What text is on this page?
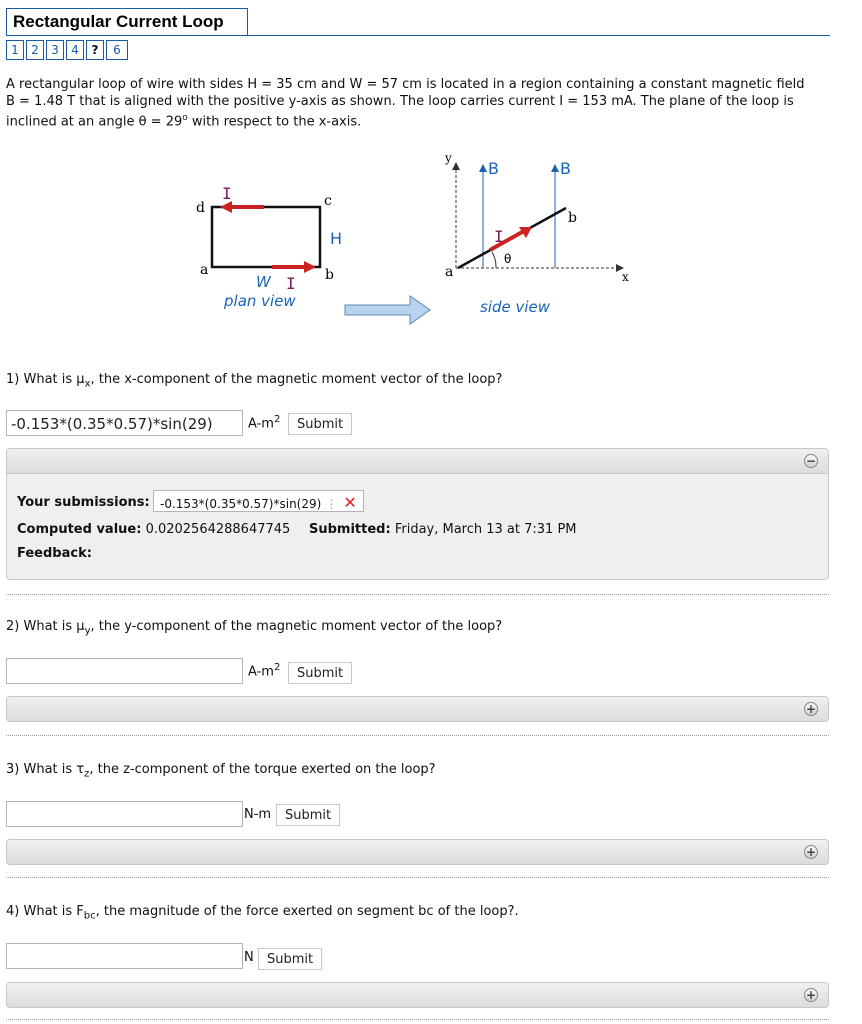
Rectangular Current Loop
1	2	3	4	?	6
A rectangular loop of wire with sides H = 35 cm and W = 57 cm is located in a region containing a constant magnetic field
B = 1.48 T that is aligned with the positive y-axis as shown. The loop carries current I = 153 mA. The plane of the loop is
inclined at an angle $\theta = 29^o$ with respect to the x-axis.
d	c
a	b
I
I
H
W
plan view
y
x
B	B
a
b
I
θ
side view
1) What is $\mu_x$, the x-component of the magnetic moment vector of the loop?
-0.153*(0.35*0.57)*sin(29)	$A-m^2$	Submit
−
Your submissions: -0.153*(0.35*0.57)*sin(29) ⋮ ✕
Computed value: 0.0202564288647745 Submitted: Friday, March 13 at 7:31 PM
Feedback:
2) What is $\mu_y$, the y-component of the magnetic moment vector of the loop?
$A-m^2$	Submit
+
3) What is $\tau_z$, the z-component of the torque exerted on the loop?
N-m	Submit
+
4) What is $F_{bc}$, the magnitude of the force exerted on segment bc of the loop?.
N	Submit
+
